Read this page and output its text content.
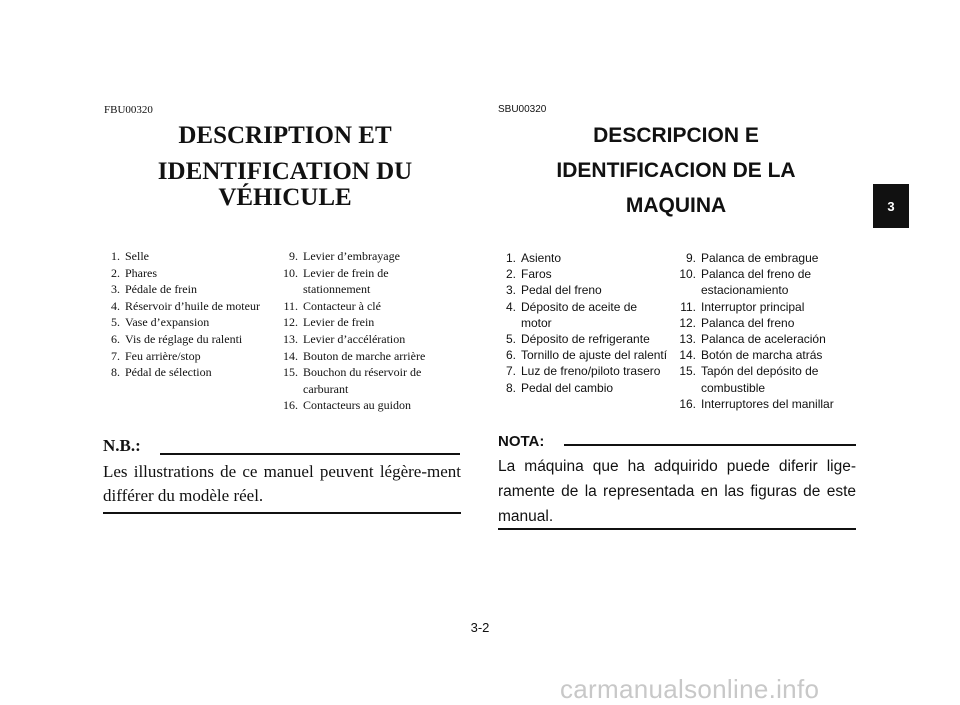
FBU00320
DESCRIPTION ET
IDENTIFICATION DU
VÉHICULE
1. Selle
2. Phares
3. Pédale de frein
4. Réservoir d’huile de moteur
5. Vase d’expansion
6. Vis de réglage du ralenti
7. Feu arrière/stop
8. Pédal de sélection
9. Levier d’embrayage
10. Levier de frein de
stationnement
11. Contacteur à clé
12. Levier de frein
13. Levier d’accélération
14. Bouton de marche arrière
15. Bouchon du réservoir de
carburant
16. Contacteurs au guidon
N.B.:
Les illustrations de ce manuel peuvent légère-ment différer du modèle réel.
SBU00320
DESCRIPCION E
IDENTIFICACION DE LA
MAQUINA
1. Asiento
2. Faros
3. Pedal del freno
4. Déposito de aceite de
motor
5. Déposito de refrigerante
6. Tornillo de ajuste del ralentí
7. Luz de freno/piloto trasero
8. Pedal del cambio
9. Palanca de embrague
10. Palanca del freno de
estacionamiento
11. Interruptor principal
12. Palanca del freno
13. Palanca de aceleración
14. Botón de marcha atrás
15. Tapón del depósito de
combustible
16. Interruptores del manillar
NOTA:
La máquina que ha adquirido puede diferir lige-ramente de la representada en las figuras de este manual.
3-2
3
carmanualsonline.info
